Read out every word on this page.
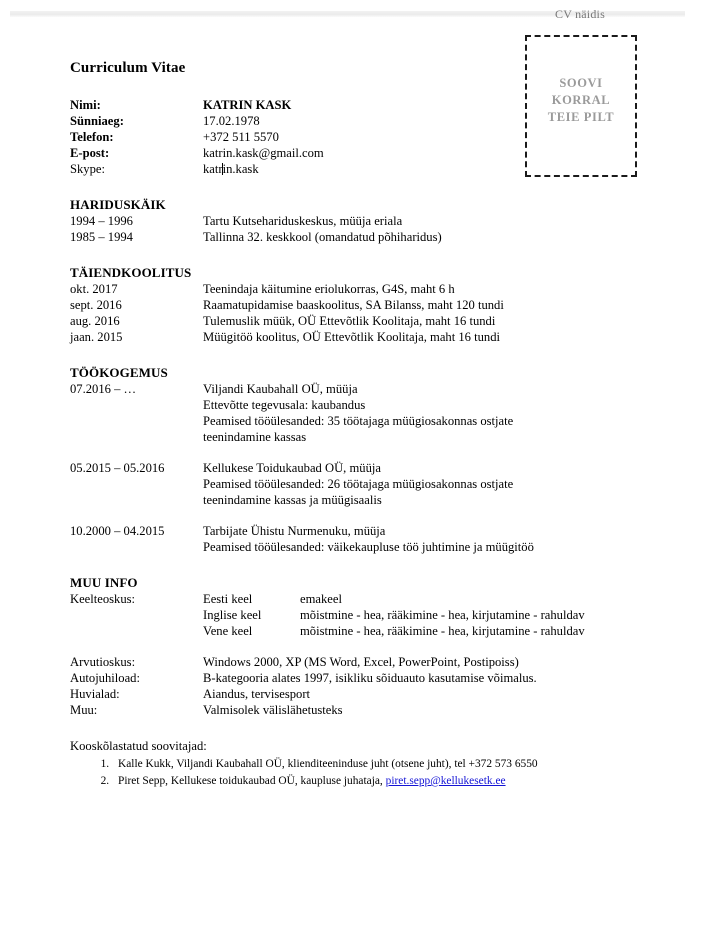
CV näidis
SOOVI
KORRAL
TEIE PILT
Curriculum Vitae
Nimi:	KATRIN KASK
Sünniaeg:	17.02.1978
Telefon:	+372 511 5570
E-post:	katrin.kask@gmail.com
Skype:	katrin.kask
HARIDUSKÄIK
1994 – 1996	Tartu Kutsehariduskeskus, müüja eriala
1985 – 1994	Tallinna 32. keskkool (omandatud põhiharidus)
TÄIENDKOOLITUS
okt. 2017	Teenindaja käitumine eriolukorras, G4S, maht 6 h
sept. 2016	Raamatupidamise baaskoolitus, SA Bilanss, maht 120 tundi
aug. 2016	Tulemuslik müük, OÜ Ettevõtlik Koolitaja, maht 16 tundi
jaan. 2015	Müügitöö koolitus, OÜ Ettevõtlik Koolitaja, maht 16 tundi
TÖÖKOGEMUS
07.2016 – …	Viljandi Kaubahall OÜ, müüja
Ettevõtte tegevusala: kaubandus
Peamised tööülesanded: 35 töötajaga müügiosakonnas ostjate
teenindamine kassas
05.2015 – 05.2016	Kellukese Toidukaubad OÜ, müüja
Peamised tööülesanded: 26 töötajaga müügiosakonnas ostjate
teenindamine kassas ja müügisaalis
10.2000 – 04.2015	Tarbijate Ühistu Nurmenuku, müüja
Peamised tööülesanded: väikekaupluse töö juhtimine ja müügitöö
MUU INFO
Keelteoskus:	Eesti keel	emakeel
Inglise keel	mõistmine - hea, rääkimine - hea, kirjutamine - rahuldav
Vene keel	mõistmine - hea, rääkimine - hea, kirjutamine - rahuldav
Arvutioskus:	Windows 2000, XP (MS Word, Excel, PowerPoint, Postipoiss)
Autojuhiload:	B-kategooria alates 1997, isikliku sõiduauto kasutamise võimalus.
Huvialad:	Aiandus, tervisesport
Muu:	Valmisolek välislähetusteks
Kooskõlastatud soovitajad:
1. Kalle Kukk, Viljandi Kaubahall OÜ, klienditeeninduse juht (otsene juht), tel +372 573 6550
2. Piret Sepp, Kellukese toidukaubad OÜ, kaupluse juhataja, piret.sepp@kellukesetk.ee
